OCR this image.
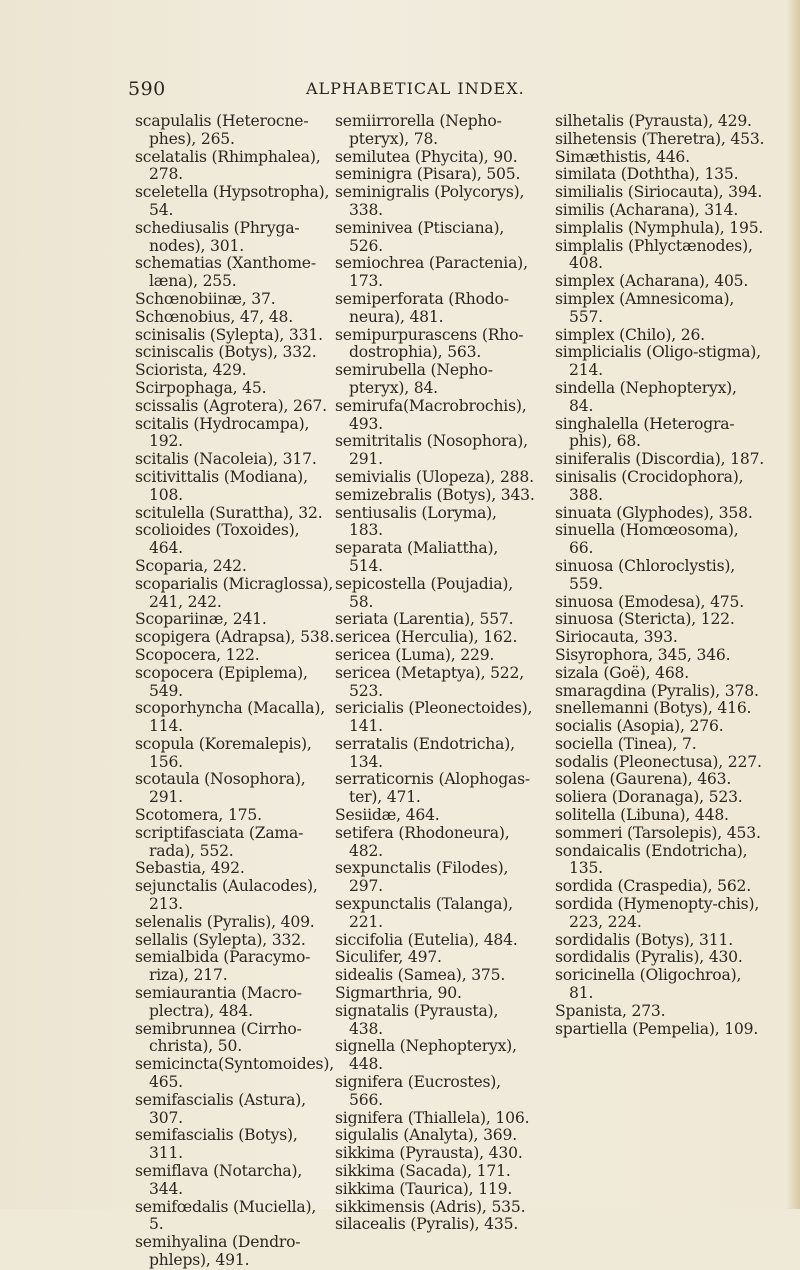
590	ALPHABETICAL INDEX.

scapulalis (Heterocne-phes), 265.

scelatalis (Rhimphalea), 278.

sceletella (Hypsotropha), 54.

schediusalis (Phryga-nodes), 301.

schematias (Xanthome-læna), 255.

Schœnobiinæ, 37.

Schœnobius, 47, 48.

scinisalis (Sylepta), 331.

sciniscalis (Botys), 332.

Sciorista, 429.

Scirpophaga, 45.

scissalis (Agrotera), 267.

scitalis (Hydrocampa), 192.

scitalis (Nacoleia), 317.

scitivittalis (Modiana), 108.

scitulella (Surattha), 32.

scolioides (Toxoides), 464.

Scoparia, 242.

scoparialis (Micraglossa), 241, 242.

Scopariinæ, 241.

scopigera (Adrapsa), 538.

Scopocera, 122.

scopocera (Epiplema), 549.

scoporhyncha (Macalla), 114.

scopula (Koremalepis), 156.

scotaula (Nosophora), 291.

Scotomera, 175.

scriptifasciata (Zama-rada), 552.

Sebastia, 492.

sejunctalis (Aulacodes), 213.

selenalis (Pyralis), 409.

sellalis (Sylepta), 332.

semialbida (Paracymo-riza), 217.

semiaurantia (Macro-plectra), 484.

semibrunnea (Cirrho-christa), 50.

semicincta(Syntomoides), 465.

semifascialis (Astura), 307.

semifascialis (Botys), 311.

semiflava (Notarcha), 344.

semifœdalis (Muciella), 5.

semihyalina (Dendro-phleps), 491.

semiirrorella (Nepho-pteryx), 78.

semilutea (Phycita), 90.

seminigra (Pisara), 505.

seminigralis (Polycorys), 338.

seminivea (Ptisciana), 526.

semiochrea (Paractenia), 173.

semiperforata (Rhodo-neura), 481.

semipurpurascens (Rho-dostrophia), 563.

semirubella (Nepho-pteryx), 84.

semirufa(Macrobrochis), 493.

semitritalis (Nosophora), 291.

semivialis (Ulopeza), 288.

semizebralis (Botys), 343.

sentiusalis (Loryma), 183.

separata (Maliattha), 514.

sepicostella (Poujadia), 58.

seriata (Larentia), 557.

sericea (Herculia), 162.

sericea (Luma), 229.

sericea (Metaptya), 522, 523.

sericialis (Pleonectoides), 141.

serratalis (Endotricha), 134.

serraticornis (Alophogas-ter), 471.

Sesiidæ, 464.

setifera (Rhodoneura), 482.

sexpunctalis (Filodes), 297.

sexpunctalis (Talanga), 221.

siccifolia (Eutelia), 484.

Siculifer, 497.

sidealis (Samea), 375.

Sigmarthria, 90.

signatalis (Pyrausta), 438.

signella (Nephopteryx), 448.

signifera (Eucrostes), 566.

signifera (Thiallela), 106.

sigulalis (Analyta), 369.

sikkima (Pyrausta), 430.

sikkima (Sacada), 171.

sikkima (Taurica), 119.

sikkimensis (Adris), 535.

silacealis (Pyralis), 435.

silhetalis (Pyrausta), 429.

silhetensis (Theretra), 453.

Simæthistis, 446.

similata (Doththa), 135.

similialis (Siriocauta), 394.

similis (Acharana), 314.

simplalis (Nymphula), 195.

simplalis (Phlyctænodes), 408.

simplex (Acharana), 405.

simplex (Amnesicoma), 557.

simplex (Chilo), 26.

simplicialis (Oligo-stigma), 214.

sindella (Nephopteryx), 84.

singhalella (Heterogra-phis), 68.

siniferalis (Discordia), 187.

sinisalis (Crocidophora), 388.

sinuata (Glyphodes), 358.

sinuella (Homœosoma), 66.

sinuosa (Chloroclystis), 559.

sinuosa (Emodesa), 475.

sinuosa (Stericta), 122.

Siriocauta, 393.

Sisyrophora, 345, 346.

sizala (Goë), 468.

smaragdina (Pyralis), 378.

snellemanni (Botys), 416.

socialis (Asopia), 276.

sociella (Tinea), 7.

sodalis (Pleonectusa), 227.

solena (Gaurena), 463.

soliera (Doranaga), 523.

solitella (Libuna), 448.

sommeri (Tarsolepis), 453.

sondaicalis (Endotricha), 135.

sordida (Craspedia), 562.

sordida (Hymenopty-chis), 223, 224.

sordidalis (Botys), 311.

sordidalis (Pyralis), 430.

soricinella (Oligochroa), 81.

Spanista, 273.

spartiella (Pempelia), 109.
